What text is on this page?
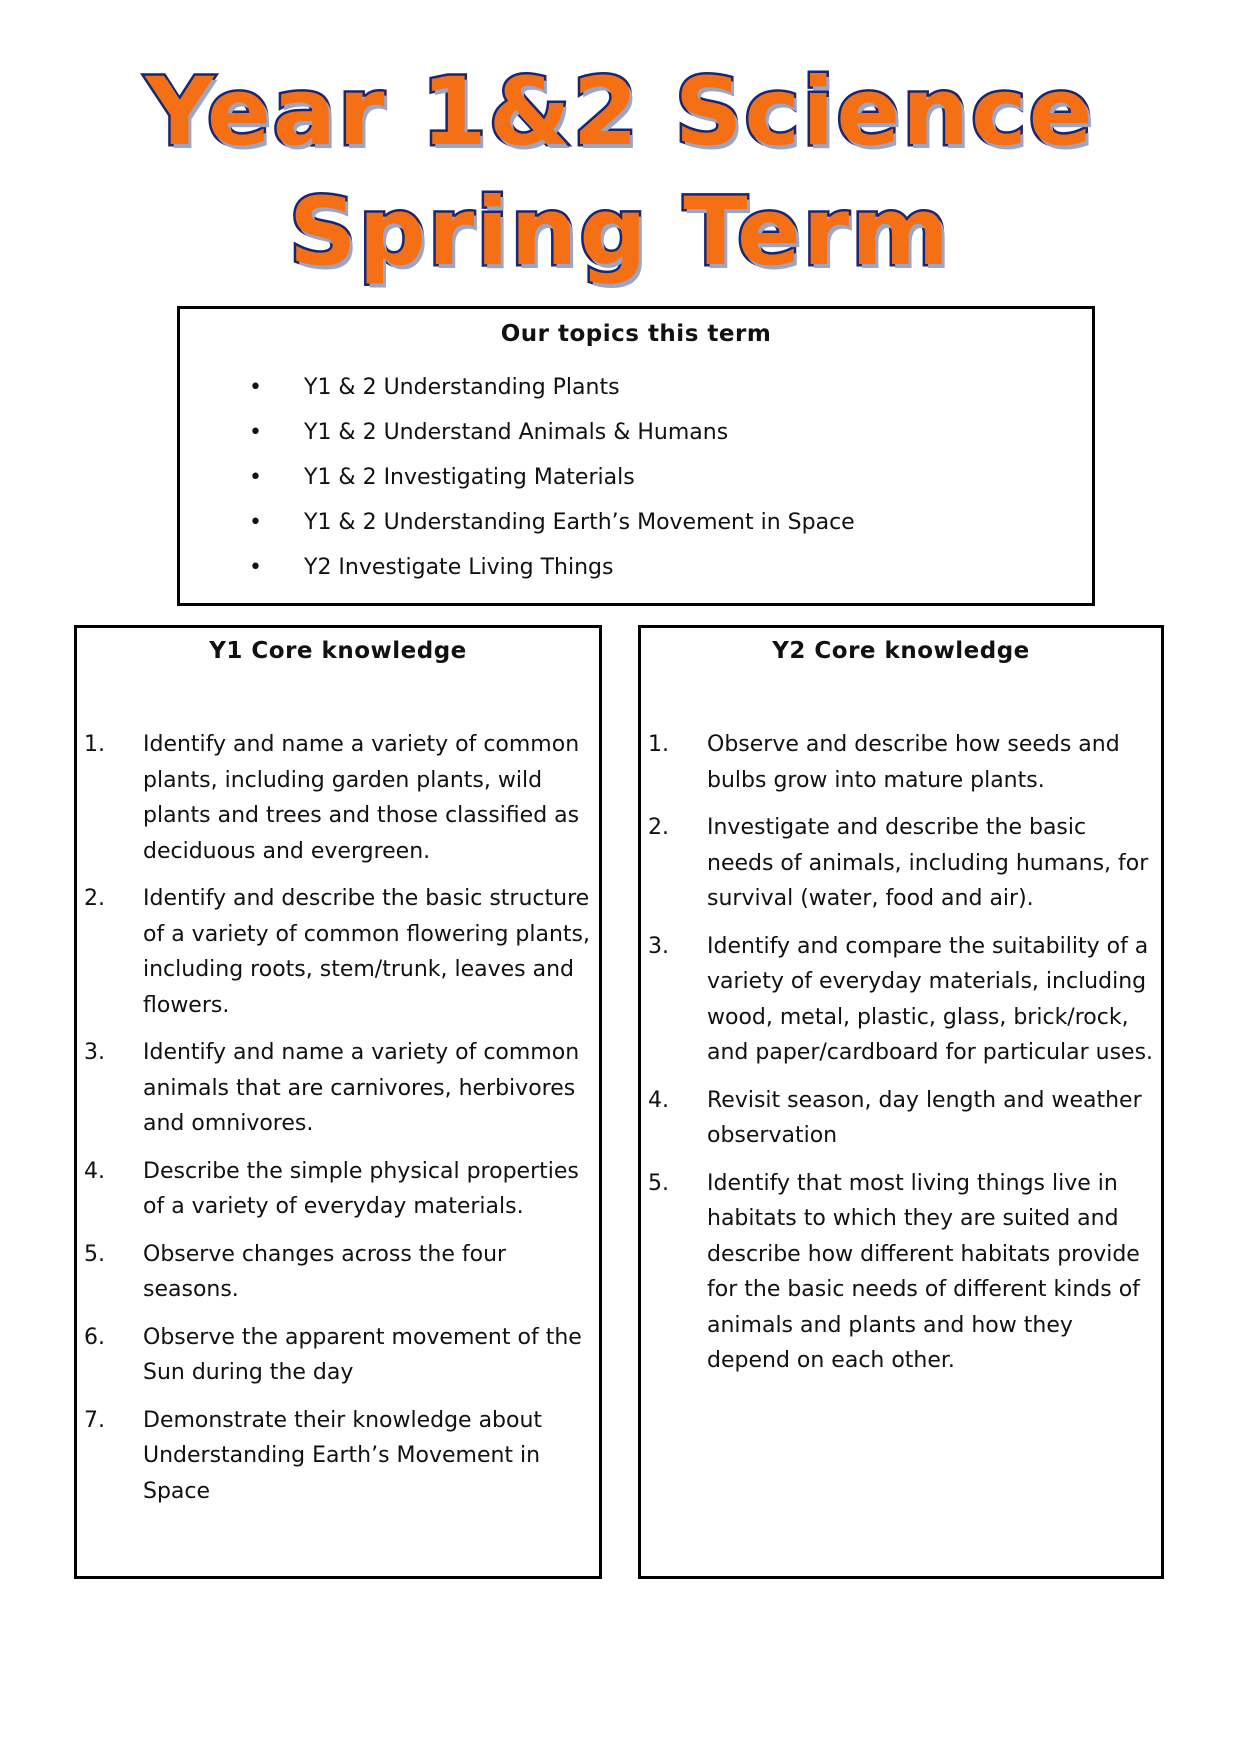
Year 1&2 Science
Spring Term
Our topics this term
• Y1 & 2 Understanding Plants
• Y1 & 2 Understand Animals & Humans
• Y1 & 2 Investigating Materials
• Y1 & 2 Understanding Earth’s Movement in Space
• Y2 Investigate Living Things
Y1 Core knowledge
1. Identify and name a variety of common plants, including garden plants, wild plants and trees and those classified as deciduous and evergreen.
2. Identify and describe the basic structure of a variety of common flowering plants, including roots, stem/trunk, leaves and flowers.
3. Identify and name a variety of common animals that are carnivores, herbivores and omnivores.
4. Describe the simple physical properties of a variety of everyday materials.
5. Observe changes across the four seasons.
6. Observe the apparent movement of the Sun during the day
7. Demonstrate their knowledge about Understanding Earth’s Movement in Space
Y2 Core knowledge
1. Observe and describe how seeds and bulbs grow into mature plants.
2. Investigate and describe the basic needs of animals, including humans, for survival (water, food and air).
3. Identify and compare the suitability of a variety of everyday materials, including wood, metal, plastic, glass, brick/rock, and paper/cardboard for particular uses.
4. Revisit season, day length and weather observation
5. Identify that most living things live in habitats to which they are suited and describe how different habitats provide for the basic needs of different kinds of animals and plants and how they depend on each other.
